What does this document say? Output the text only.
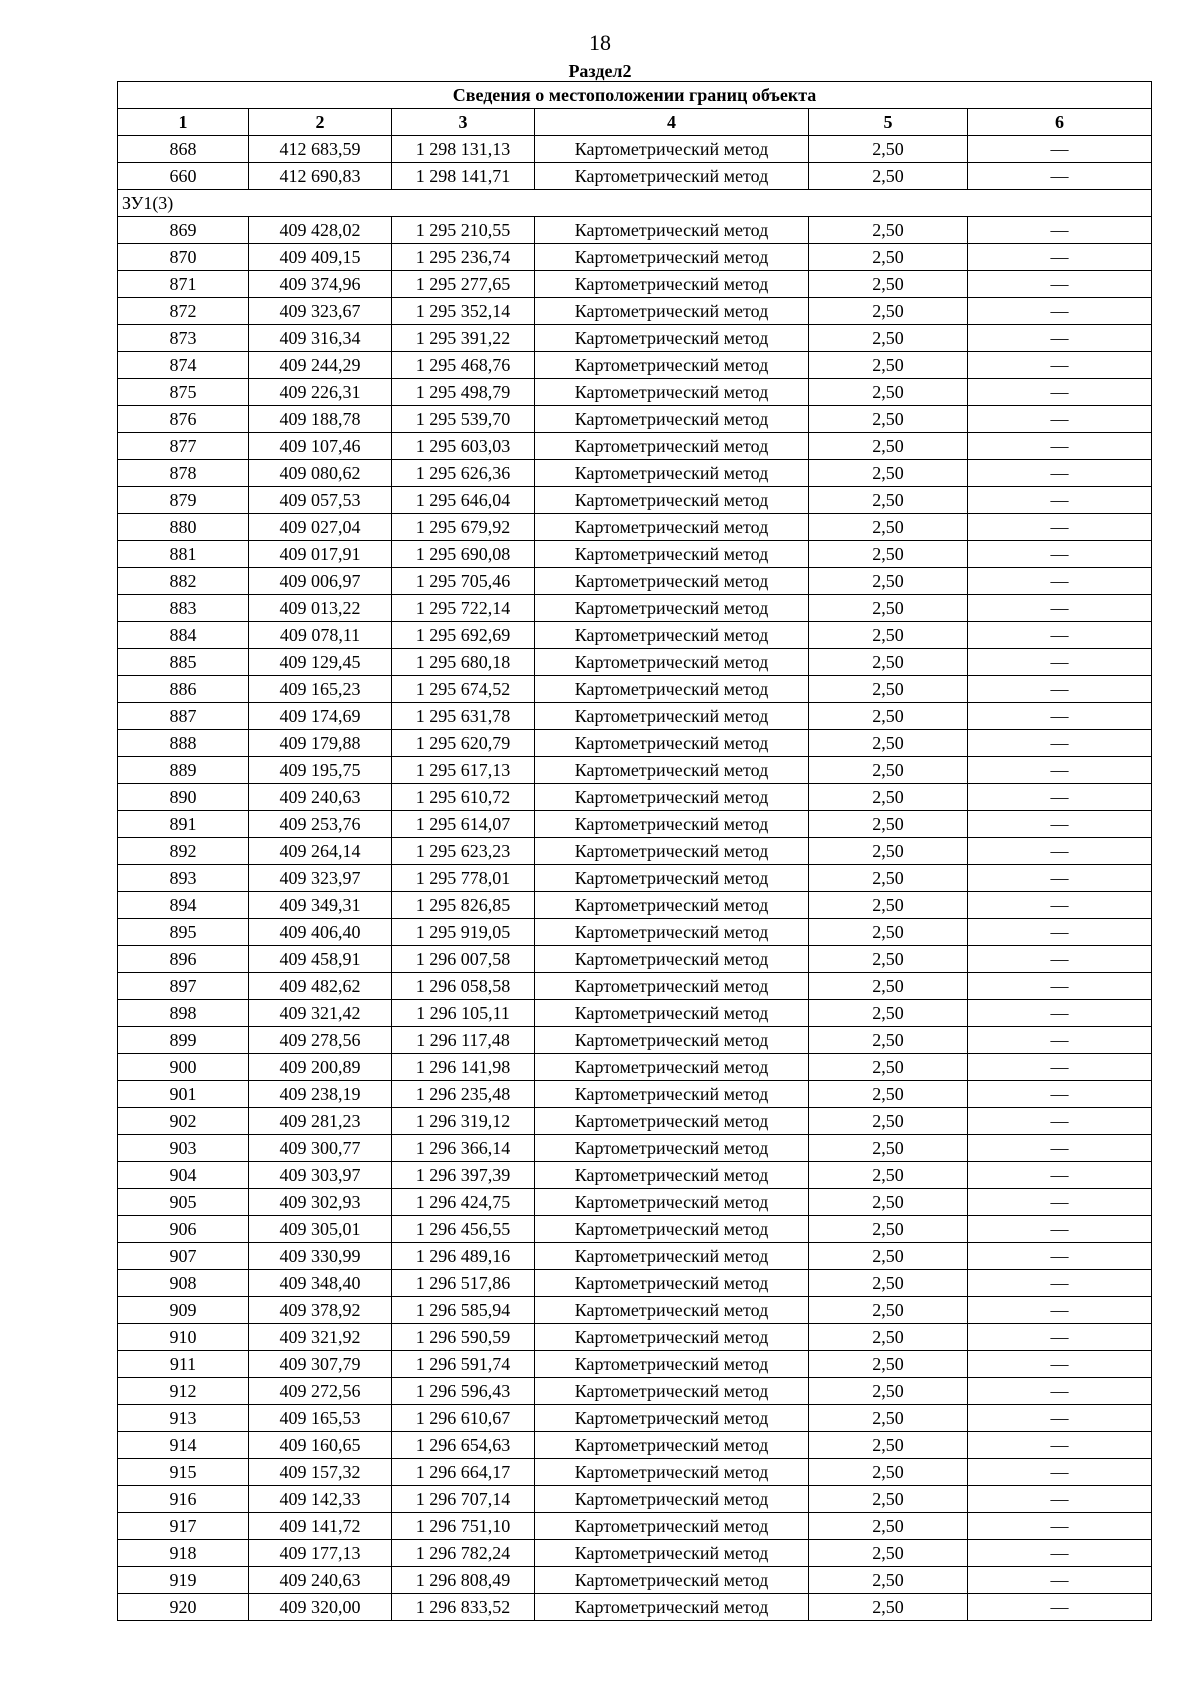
18
Раздел2
Сведения о местоположении границ объекта					
1	2	3	4	5	6
868	412 683,59	1 298 131,13	Картометрический метод	2,50	—
660	412 690,83	1 298 141,71	Картометрический метод	2,50	—
ЗУ1(3)					
869	409 428,02	1 295 210,55	Картометрический метод	2,50	—
870	409 409,15	1 295 236,74	Картометрический метод	2,50	—
871	409 374,96	1 295 277,65	Картометрический метод	2,50	—
872	409 323,67	1 295 352,14	Картометрический метод	2,50	—
873	409 316,34	1 295 391,22	Картометрический метод	2,50	—
874	409 244,29	1 295 468,76	Картометрический метод	2,50	—
875	409 226,31	1 295 498,79	Картометрический метод	2,50	—
876	409 188,78	1 295 539,70	Картометрический метод	2,50	—
877	409 107,46	1 295 603,03	Картометрический метод	2,50	—
878	409 080,62	1 295 626,36	Картометрический метод	2,50	—
879	409 057,53	1 295 646,04	Картометрический метод	2,50	—
880	409 027,04	1 295 679,92	Картометрический метод	2,50	—
881	409 017,91	1 295 690,08	Картометрический метод	2,50	—
882	409 006,97	1 295 705,46	Картометрический метод	2,50	—
883	409 013,22	1 295 722,14	Картометрический метод	2,50	—
884	409 078,11	1 295 692,69	Картометрический метод	2,50	—
885	409 129,45	1 295 680,18	Картометрический метод	2,50	—
886	409 165,23	1 295 674,52	Картометрический метод	2,50	—
887	409 174,69	1 295 631,78	Картометрический метод	2,50	—
888	409 179,88	1 295 620,79	Картометрический метод	2,50	—
889	409 195,75	1 295 617,13	Картометрический метод	2,50	—
890	409 240,63	1 295 610,72	Картометрический метод	2,50	—
891	409 253,76	1 295 614,07	Картометрический метод	2,50	—
892	409 264,14	1 295 623,23	Картометрический метод	2,50	—
893	409 323,97	1 295 778,01	Картометрический метод	2,50	—
894	409 349,31	1 295 826,85	Картометрический метод	2,50	—
895	409 406,40	1 295 919,05	Картометрический метод	2,50	—
896	409 458,91	1 296 007,58	Картометрический метод	2,50	—
897	409 482,62	1 296 058,58	Картометрический метод	2,50	—
898	409 321,42	1 296 105,11	Картометрический метод	2,50	—
899	409 278,56	1 296 117,48	Картометрический метод	2,50	—
900	409 200,89	1 296 141,98	Картометрический метод	2,50	—
901	409 238,19	1 296 235,48	Картометрический метод	2,50	—
902	409 281,23	1 296 319,12	Картометрический метод	2,50	—
903	409 300,77	1 296 366,14	Картометрический метод	2,50	—
904	409 303,97	1 296 397,39	Картометрический метод	2,50	—
905	409 302,93	1 296 424,75	Картометрический метод	2,50	—
906	409 305,01	1 296 456,55	Картометрический метод	2,50	—
907	409 330,99	1 296 489,16	Картометрический метод	2,50	—
908	409 348,40	1 296 517,86	Картометрический метод	2,50	—
909	409 378,92	1 296 585,94	Картометрический метод	2,50	—
910	409 321,92	1 296 590,59	Картометрический метод	2,50	—
911	409 307,79	1 296 591,74	Картометрический метод	2,50	—
912	409 272,56	1 296 596,43	Картометрический метод	2,50	—
913	409 165,53	1 296 610,67	Картометрический метод	2,50	—
914	409 160,65	1 296 654,63	Картометрический метод	2,50	—
915	409 157,32	1 296 664,17	Картометрический метод	2,50	—
916	409 142,33	1 296 707,14	Картометрический метод	2,50	—
917	409 141,72	1 296 751,10	Картометрический метод	2,50	—
918	409 177,13	1 296 782,24	Картометрический метод	2,50	—
919	409 240,63	1 296 808,49	Картометрический метод	2,50	—
920	409 320,00	1 296 833,52	Картометрический метод	2,50	—
